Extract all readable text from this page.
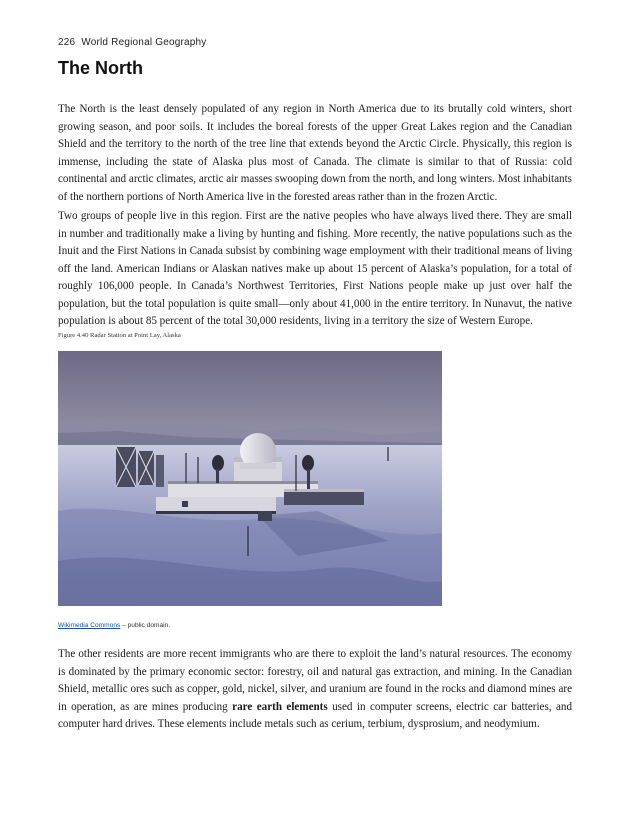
226 World Regional Geography
The North

The North is the least densely populated of any region in North America due to its brutally cold winters, short growing season, and poor soils. It includes the boreal forests of the upper Great Lakes region and the Canadian Shield and the territory to the north of the tree line that extends beyond the Arctic Circle. Physically, this region is immense, including the state of Alaska plus most of Canada. The climate is similar to that of Russia: cold continental and arctic climates, arctic air masses swooping down from the north, and long winters. Most inhabitants of the northern portions of North America live in the forested areas rather than in the frozen Arctic.

Two groups of people live in this region. First are the native peoples who have always lived there. They are small in number and traditionally make a living by hunting and fishing. More recently, the native populations such as the Inuit and the First Nations in Canada subsist by combining wage employment with their traditional means of living off the land. American Indians or Alaskan natives make up about 15 percent of Alaska’s population, for a total of roughly 106,000 people. In Canada’s Northwest Territories, First Nations people make up just over half the population, but the total population is quite small—only about 41,000 in the entire territory. In Nunavut, the native population is about 85 percent of the total 30,000 residents, living in a territory the size of Western Europe.

Figure 4.40 Radar Station at Point Lay, Alaska
Wikimedia Commons – public domain.

The other residents are more recent immigrants who are there to exploit the land’s natural resources. The economy is dominated by the primary economic sector: forestry, oil and natural gas extraction, and mining. In the Canadian Shield, metallic ores such as copper, gold, nickel, silver, and uranium are found in the rocks and diamond mines are in operation, as are mines producing rare earth elements used in computer screens, electric car batteries, and computer hard drives. These elements include metals such as cerium, terbium, dysprosium, and neodymium.
